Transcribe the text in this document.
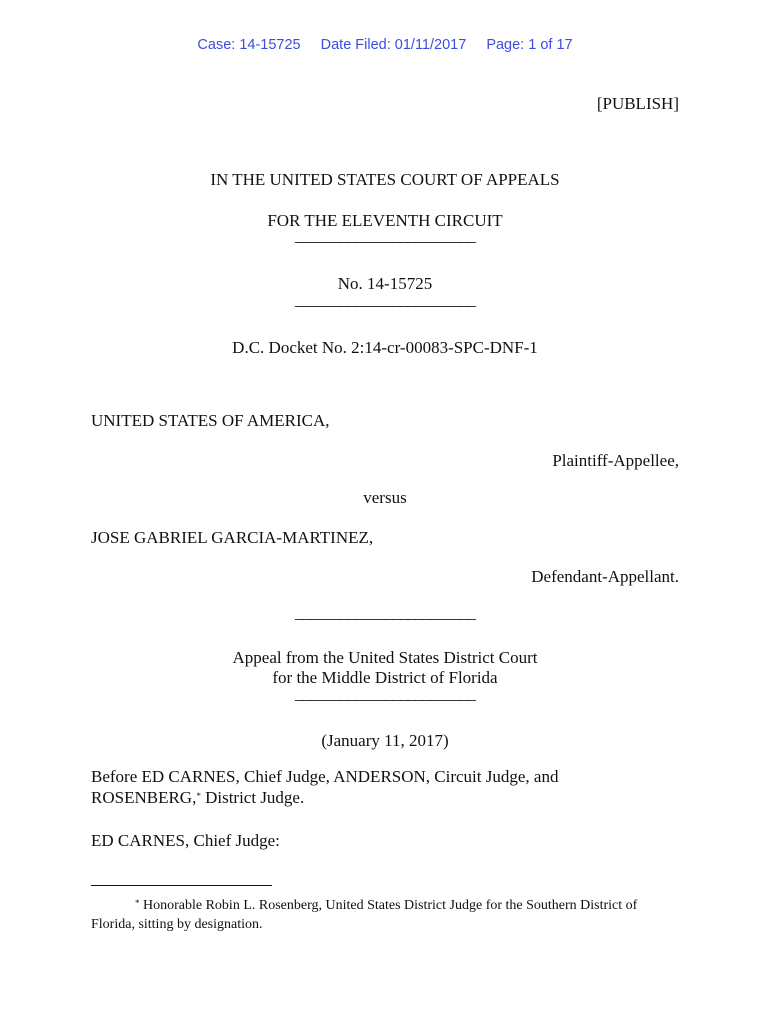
Case: 14-15725 Date Filed: 01/11/2017 Page: 1 of 17
[PUBLISH]
IN THE UNITED STATES COURT OF APPEALS
FOR THE ELEVENTH CIRCUIT
________________________
No. 14-15725
________________________
D.C. Docket No. 2:14-cr-00083-SPC-DNF-1
UNITED STATES OF AMERICA,
Plaintiff-Appellee,
versus
JOSE GABRIEL GARCIA-MARTINEZ,
Defendant-Appellant.
________________________
Appeal from the United States District Court
for the Middle District of Florida
________________________
(January 11, 2017)
Before ED CARNES, Chief Judge, ANDERSON, Circuit Judge, and
ROSENBERG,* District Judge.
ED CARNES, Chief Judge:
* Honorable Robin L. Rosenberg, United States District Judge for the Southern District of Florida, sitting by designation.
